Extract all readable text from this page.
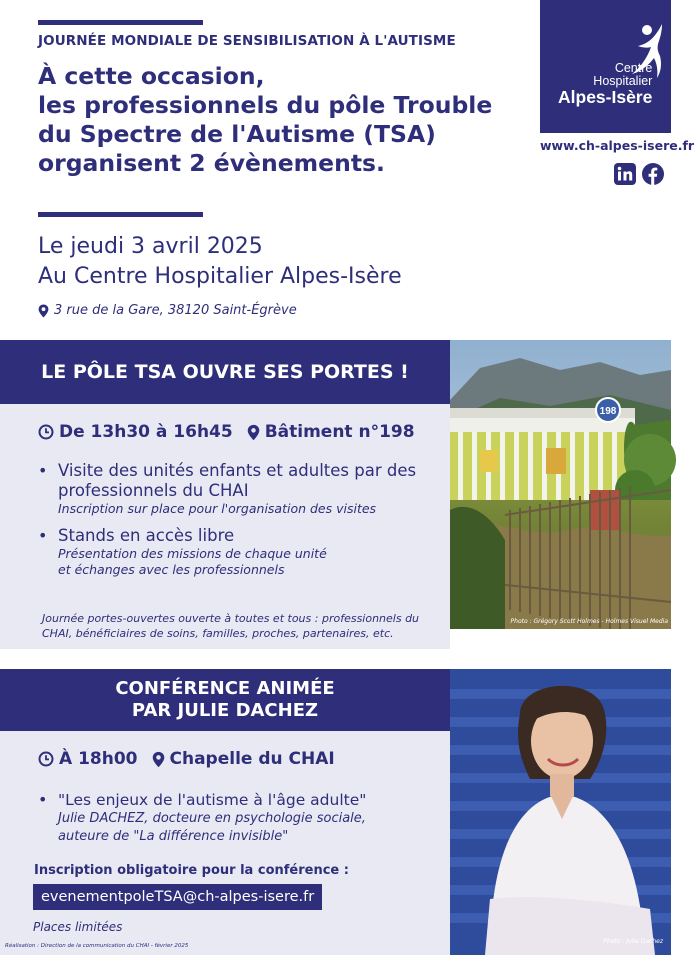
JOURNÉE MONDIALE DE SENSIBILISATION À L'AUTISME
À cette occasion,
les professionnels du pôle Trouble
du Spectre de l'Autisme (TSA)
organisent 2 évènements.
Le jeudi 3 avril 2025
Au Centre Hospitalier Alpes-Isère
3 rue de la Gare, 38120 Saint-Égrève
Centre
Hospitalier
Alpes-Isère
www.ch-alpes-isere.fr
LE PÔLE TSA OUVRE SES PORTES !
De 13h30 à 16h45 Bâtiment n°198
• Visite des unités enfants et adultes par des professionnels du CHAI
Inscription sur place pour l'organisation des visites
• Stands en accès libre
Présentation des missions de chaque unité
et échanges avec les professionnels
Journée portes-ouvertes ouverte à toutes et tous : professionnels du CHAI, bénéficiaires de soins, familles, proches, partenaires, etc.
198
Photo : Grégory Scott Holmes - Holmes Visuel Media
CONFÉRENCE ANIMÉE
PAR JULIE DACHEZ
À 18h00 Chapelle du CHAI
• "Les enjeux de l'autisme à l'âge adulte"
Julie DACHEZ, docteure en psychologie sociale,
auteure de "La différence invisible"
Inscription obligatoire pour la conférence :
evenementpoleTSA@ch-alpes-isere.fr
Places limitées
Photo : Julie Dachez
Réalisation : Direction de la communication du CHAI - février 2025
